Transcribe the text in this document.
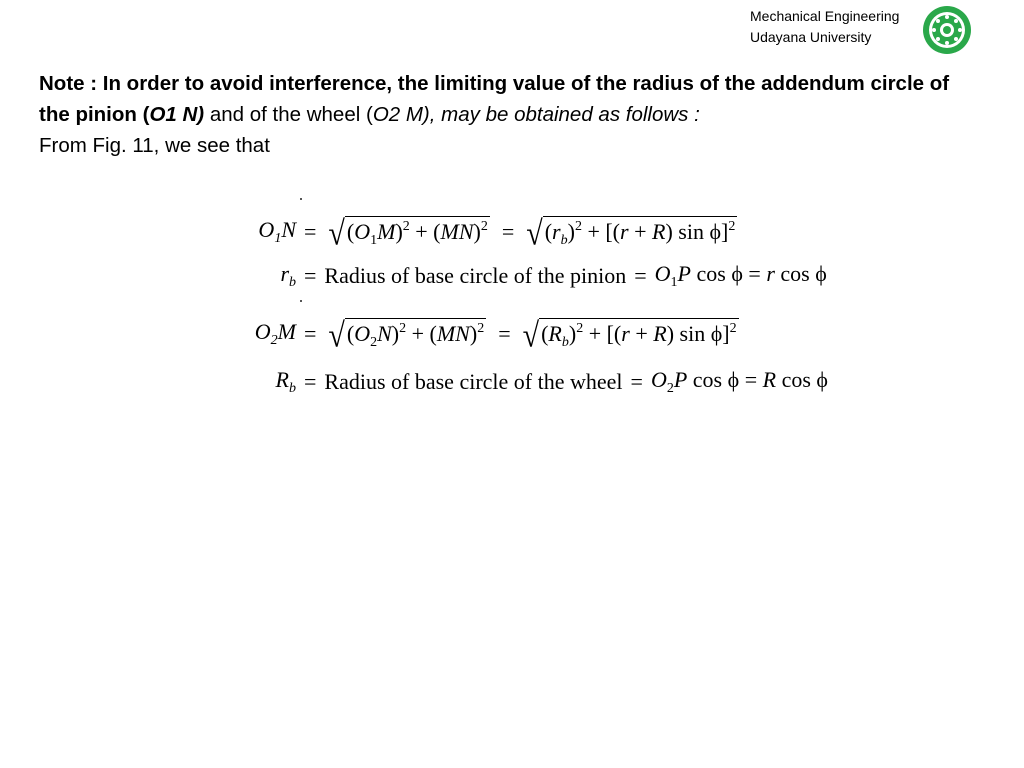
Mechanical Engineering
Udayana University
Note : In order to avoid interference, the limiting value of the radius of the addendum circle of the pinion (O1 N) and of the wheel (O2 M), may be obtained as follows :
From Fig. 11, we see that
$O_1N$ = √ $(O_1M)^2 + (MN)^2$ = √ $(r_b)^2 + [(r + R)$ sin ϕ]$^2$
$r_b$ = Radius of base circle of the pinion = $O_1P$ cos ϕ = r cos ϕ
$O_2M$ = √ $(O_2N)^2 + (MN)^2$ = √ $(R_b)^2 + [(r + R)$ sin ϕ]$^2$
$R_b$ = Radius of base circle of the wheel = $O_2P$ cos ϕ = R cos ϕ
